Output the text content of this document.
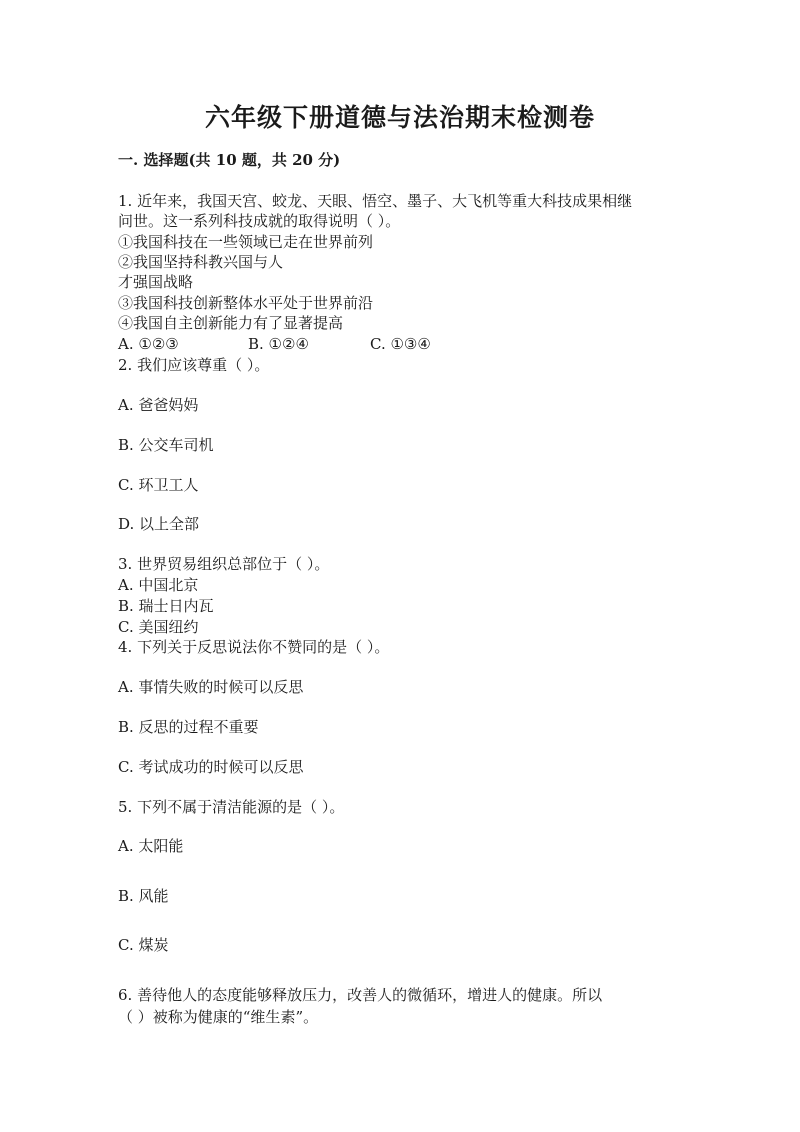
六年级下册道德与法治期末检测卷
一. 选择题(共 10 题，共 20 分)
1. 近年来，我国天宫、蛟龙、天眼、悟空、墨子、大飞机等重大科技成果相继
问世。这一系列科技成就的取得说明（ ）。
①我国科技在一些领域已走在世界前列
②我国坚持科教兴国与人
才强国战略
③我国科技创新整体水平处于世界前沿
④我国自主创新能力有了显著提高
A. ①②③	B. ①②④	C. ①③④
2. 我们应该尊重（ ）。
A. 爸爸妈妈
B. 公交车司机
C. 环卫工人
D. 以上全部
3. 世界贸易组织总部位于（ ）。
A. 中国北京
B. 瑞士日内瓦
C. 美国纽约
4. 下列关于反思说法你不赞同的是（ ）。
A. 事情失败的时候可以反思
B. 反思的过程不重要
C. 考试成功的时候可以反思
5. 下列不属于清洁能源的是（ ）。
A. 太阳能
B. 风能
C. 煤炭
6. 善待他人的态度能够释放压力，改善人的微循环，增进人的健康。所以
（ ）被称为健康的“维生素”。
